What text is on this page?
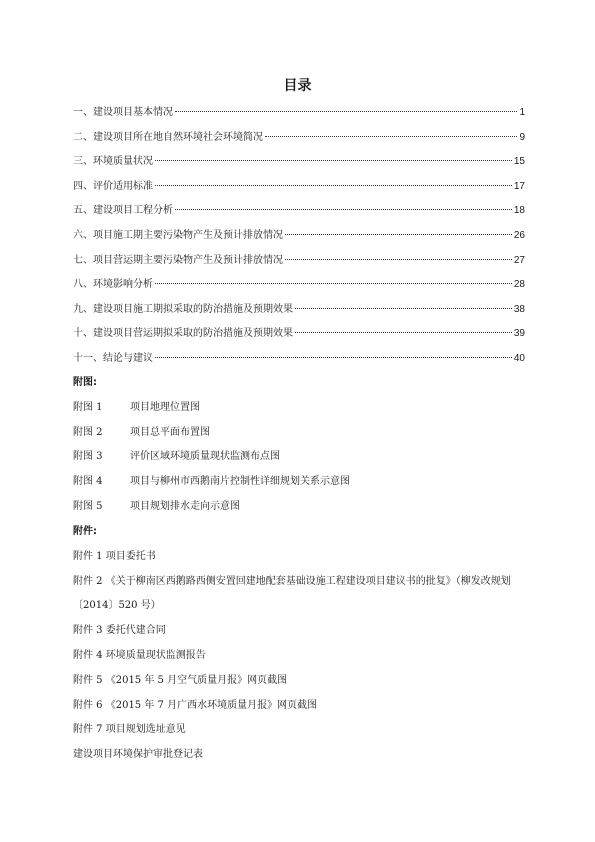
目录
一、建设项目基本情况	1
二、建设项目所在地自然环境社会环境简况	9
三、环境质量状况	15
四、评价适用标准	17
五、建设项目工程分析	18
六、项目施工期主要污染物产生及预计排放情况	26
七、项目营运期主要污染物产生及预计排放情况	27
八、环境影响分析	28
九、建设项目施工期拟采取的防治措施及预期效果	38
十、建设项目营运期拟采取的防治措施及预期效果	39
十一、结论与建议	40
附图:
附图 1	项目地理位置图
附图 2	项目总平面布置图
附图 3	评价区域环境质量现状监测布点图
附图 4	项目与柳州市西鹅南片控制性详细规划关系示意图
附图 5	项目规划排水走向示意图
附件:
附件 1 项目委托书
附件 2 《关于柳南区西鹅路西侧安置回建地配套基础设施工程建设项目建议书的批复》（柳发改规划〔2014〕520 号）
附件 3 委托代建合同
附件 4 环境质量现状监测报告
附件 5 《2015 年 5 月空气质量月报》网页截图
附件 6 《2015 年 7 月广西水环境质量月报》网页截图
附件 7 项目规划选址意见
建设项目环境保护审批登记表
